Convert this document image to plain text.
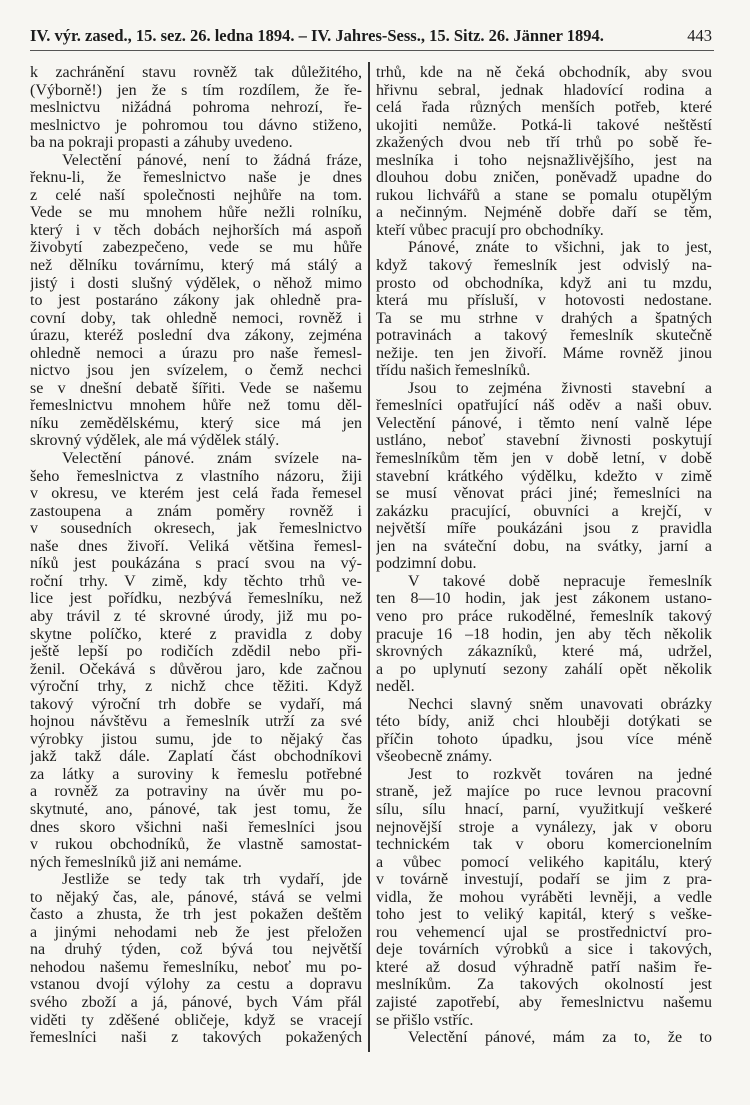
IV. výr. zased., 15. sez. 26. ledna 1894. – IV. Jahres-Sess., 15. Sitz. 26. Jänner 1894.	443
k zachránění stavu rovněž tak důležitého,
(Výborně!) jen že s tím rozdílem, že ře-
meslnictvu nižádná pohroma nehrozí, ře-
meslnictvo je pohromou tou dávno stiženo,
ba na pokraji propasti a záhuby uvedeno.
Velectění pánové, není to žádná fráze,
řeknu-li, že řemeslnictvo naše je dnes
z celé naší společnosti nejhůře na tom.
Vede se mu mnohem hůře nežli rolníku,
který i v těch dobách nejhorších má aspoň
živobytí zabezpečeno, vede se mu hůře
než dělníku továrnímu, který má stálý a
jistý i dosti slušný výdělek, o něhož mimo
to jest postaráno zákony jak ohledně pra-
covní doby, tak ohledně nemoci, rovněž i
úrazu, kteréž poslední dva zákony, zejména
ohledně nemoci a úrazu pro naše řemesl-
nictvo jsou jen svízelem, o čemž nechci
se v dnešní debatě šířiti. Vede se našemu
řemeslnictvu mnohem hůře než tomu děl-
níku zemědělskému, který sice má jen
skrovný výdělek, ale má výdělek stálý.
Velectění pánové. znám svízele na-
šeho řemeslnictva z vlastního názoru, žiji
v okresu, ve kterém jest celá řada řemesel
zastoupena a znám poměry rovněž i
v sousedních okresech, jak řemeslnictvo
naše dnes živoří. Veliká většina řemesl-
níků jest poukázána s prací svou na vý-
roční trhy. V zimě, kdy těchto trhů ve-
lice jest pořídku, nezbývá řemeslníku, než
aby trávil z té skrovné úrody, již mu po-
skytne políčko, které z pravidla z doby
ještě lepší po rodičích zdědil nebo při-
ženil. Očekává s důvěrou jaro, kde začnou
výroční trhy, z nichž chce těžiti. Když
takový výroční trh dobře se vydaří, má
hojnou návštěvu a řemeslník utrží za své
výrobky jistou sumu, jde to nějaký čas
jakž takž dále. Zaplatí část obchodníkovi
za látky a suroviny k řemeslu potřebné
a rovněž za potraviny na úvěr mu po-
skytnuté, ano, pánové, tak jest tomu, že
dnes skoro všichni naši řemeslníci jsou
v rukou obchodníků, že vlastně samostat-
ných řemeslníků již ani nemáme.
Jestliže se tedy tak trh vydaří, jde
to nějaký čas, ale, pánové, stává se velmi
často a zhusta, že trh jest pokažen deštěm
a jinými nehodami neb že jest přeložen
na druhý týden, což bývá tou největší
nehodou našemu řemeslníku, neboť mu po-
vstanou dvojí výlohy za cestu a dopravu
svého zboží a já, pánové, bych Vám přál
viděti ty zděšené obličeje, když se vracejí
řemeslníci naši z takových pokažených
trhů, kde na ně čeká obchodník, aby svou
hřivnu sebral, jednak hladovící rodina a
celá řada různých menších potřeb, které
ukojiti nemůže. Potká-li takové neštěstí
zkažených dvou neb tří trhů po sobě ře-
meslníka i toho nejsnažlivějšího, jest na
dlouhou dobu zničen, poněvadž upadne do
rukou lichvářů a stane se pomalu otupělým
a nečinným. Nejméně dobře daří se těm,
kteří vůbec pracují pro obchodníky.
Pánové, znáte to všichni, jak to jest,
když takový řemeslník jest odvislý na-
prosto od obchodníka, když ani tu mzdu,
která mu přísluší, v hotovosti nedostane.
Ta se mu strhne v drahých a špatných
potravinách a takový řemeslník skutečně
nežije. ten jen živoří. Máme rovněž jinou
třídu našich řemeslníků.
Jsou to zejména živnosti stavební a
řemeslníci opatřující náš oděv a naši obuv.
Velectění pánové, i těmto není valně lépe
ustláno, neboť stavební živnosti poskytují
řemeslníkům těm jen v době letní, v době
stavební krátkého výdělku, kdežto v zimě
se musí věnovat práci jiné; řemeslníci na
zakázku pracující, obuvníci a krejčí, v
největší míře poukázáni jsou z pravidla
jen na sváteční dobu, na svátky, jarní a
podzimní dobu.
V takové době nepracuje řemeslník
ten 8—10 hodin, jak jest zákonem ustano-
veno pro práce rukodělné, řemeslník takový
pracuje 16 –18 hodin, jen aby těch několik
skrovných zákazníků, které má, udržel,
a po uplynutí sezony zahálí opět několik
neděl.
Nechci slavný sněm unavovati obrázky
této bídy, aniž chci hlouběji dotýkati se
příčin tohoto úpadku, jsou více méně
všeobecně známy.
Jest to rozkvět továren na jedné
straně, jež majíce po ruce levnou pracovní
sílu, sílu hnací, parní, využitkují veškeré
nejnovější stroje a vynálezy, jak v oboru
technickém tak v oboru komercionelním
a vůbec pomocí velikého kapitálu, který
v továrně investují, podaří se jim z pra-
vidla, že mohou vyráběti levněji, a vedle
toho jest to veliký kapitál, který s veške-
rou vehemencí ujal se prostřednictví pro-
deje továrních výrobků a sice i takových,
které až dosud výhradně patří našim ře-
meslníkům. Za takových okolností jest
zajisté zapotřebí, aby řemeslnictvu našemu
se přišlo vstříc.
Velectění pánové, mám za to, že to
